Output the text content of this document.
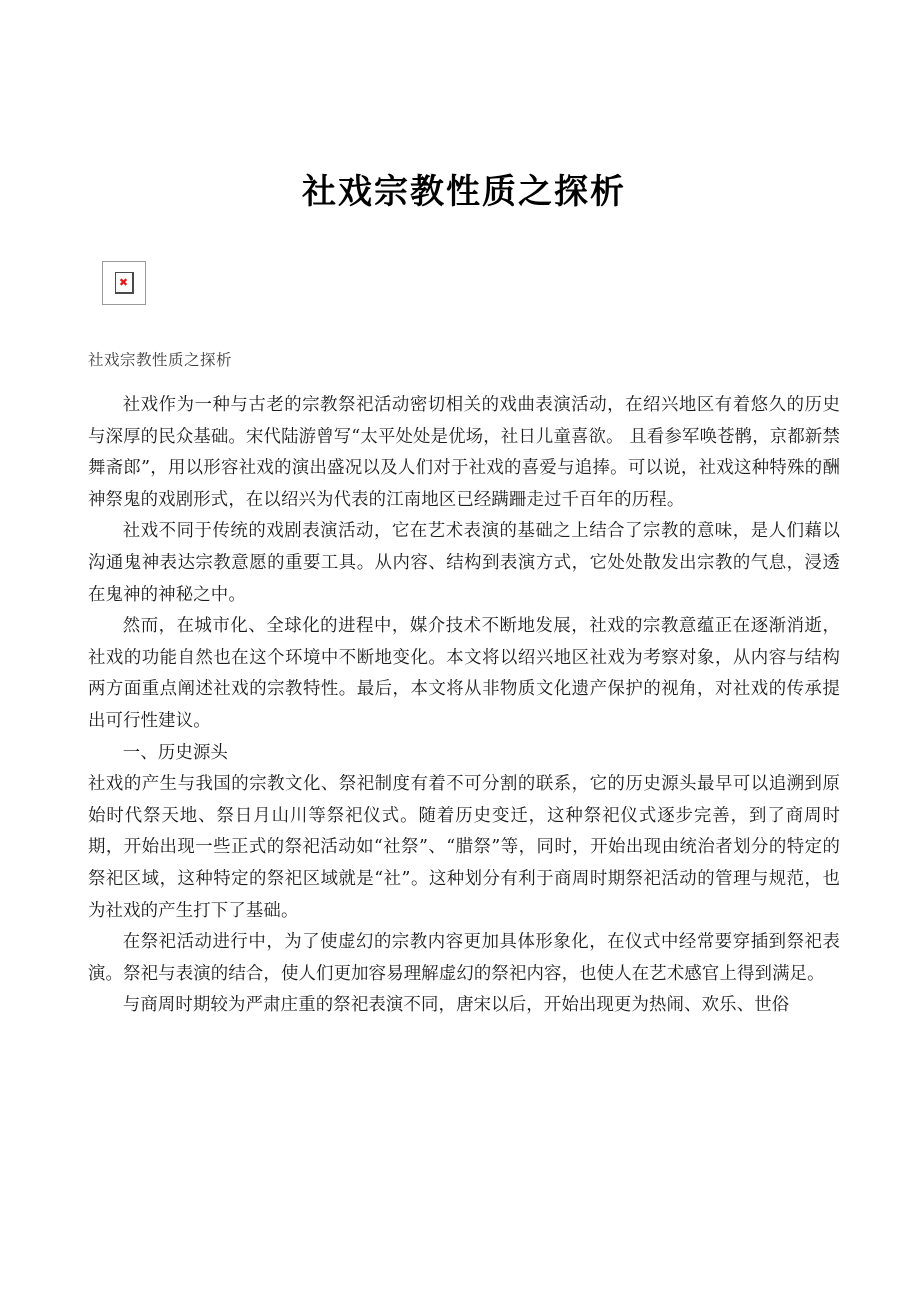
社戏宗教性质之探析
✖
社戏宗教性质之探析

社戏作为一种与古老的宗教祭祀活动密切相关的戏曲表演活动，在绍兴地区有着悠久的历史与深厚的民众基础。宋代陆游曾写“太平处处是优场，社日儿童喜欲。 且看参军唤苍鹘，京都新禁舞斋郎”，用以形容社戏的演出盛况以及人们对于社戏的喜爱与追捧。可以说，社戏这种特殊的酬神祭鬼的戏剧形式，在以绍兴为代表的江南地区已经蹒跚走过千百年的历程。

社戏不同于传统的戏剧表演活动，它在艺术表演的基础之上结合了宗教的意味，是人们藉以沟通鬼神表达宗教意愿的重要工具。从内容、结构到表演方式，它处处散发出宗教的气息，浸透在鬼神的神秘之中。

然而，在城市化、全球化的进程中，媒介技术不断地发展，社戏的宗教意蕴正在逐渐消逝，社戏的功能自然也在这个环境中不断地变化。本文将以绍兴地区社戏为考察对象，从内容与结构两方面重点阐述社戏的宗教特性。最后，本文将从非物质文化遗产保护的视角，对社戏的传承提出可行性建议。

一、历史源头

社戏的产生与我国的宗教文化、祭祀制度有着不可分割的联系，它的历史源头最早可以追溯到原始时代祭天地、祭日月山川等祭祀仪式。随着历史变迁，这种祭祀仪式逐步完善，到了商周时期，开始出现一些正式的祭祀活动如“社祭”、“腊祭”等，同时，开始出现由统治者划分的特定的祭祀区域，这种特定的祭祀区域就是“社”。这种划分有利于商周时期祭祀活动的管理与规范，也为社戏的产生打下了基础。

在祭祀活动进行中，为了使虚幻的宗教内容更加具体形象化，在仪式中经常要穿插到祭祀表演。祭祀与表演的结合，使人们更加容易理解虚幻的祭祀内容，也使人在艺术感官上得到满足。

与商周时期较为严肃庄重的祭祀表演不同，唐宋以后，开始出现更为热闹、欢乐、世俗
